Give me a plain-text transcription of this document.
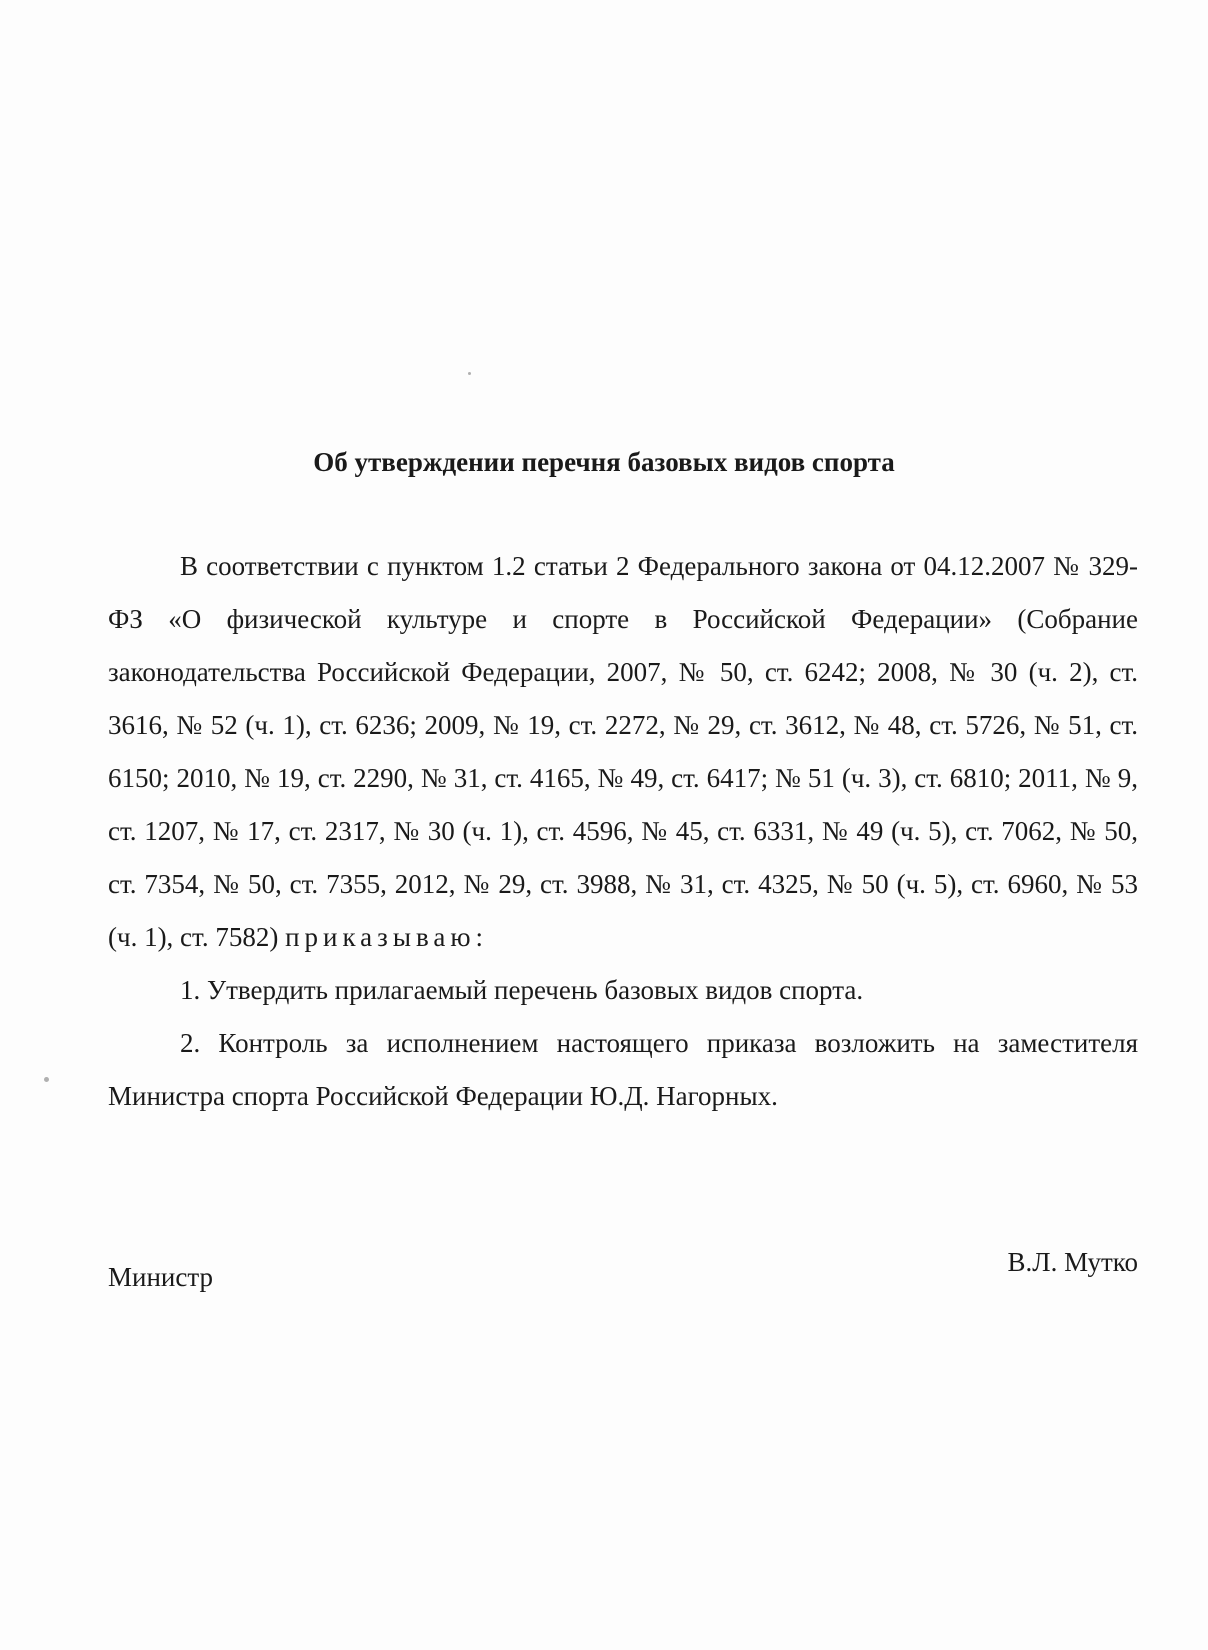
Об утверждении перечня базовых видов спорта

В соответствии с пунктом 1.2 статьи 2 Федерального закона от 04.12.2007 № 329-ФЗ «О физической культуре и спорте в Российской Федерации» (Собрание законодательства Российской Федерации, 2007, № 50, ст. 6242; 2008, № 30 (ч. 2), ст. 3616, № 52 (ч. 1), ст. 6236; 2009, № 19, ст. 2272, № 29, ст. 3612, № 48, ст. 5726, № 51, ст. 6150; 2010, № 19, ст. 2290, № 31, ст. 4165, № 49, ст. 6417; № 51 (ч. 3), ст. 6810; 2011, № 9, ст. 1207, № 17, ст. 2317, № 30 (ч. 1), ст. 4596, № 45, ст. 6331, № 49 (ч. 5), ст. 7062, № 50, ст. 7354, № 50, ст. 7355, 2012, № 29, ст. 3988, № 31, ст. 4325, № 50 (ч. 5), ст. 6960, № 53 (ч. 1), ст. 7582) приказываю:

1. Утвердить прилагаемый перечень базовых видов спорта.

2. Контроль за исполнением настоящего приказа возложить на заместителя Министра спорта Российской Федерации Ю.Д. Нагорных.

Министр	В.Л. Мутко
